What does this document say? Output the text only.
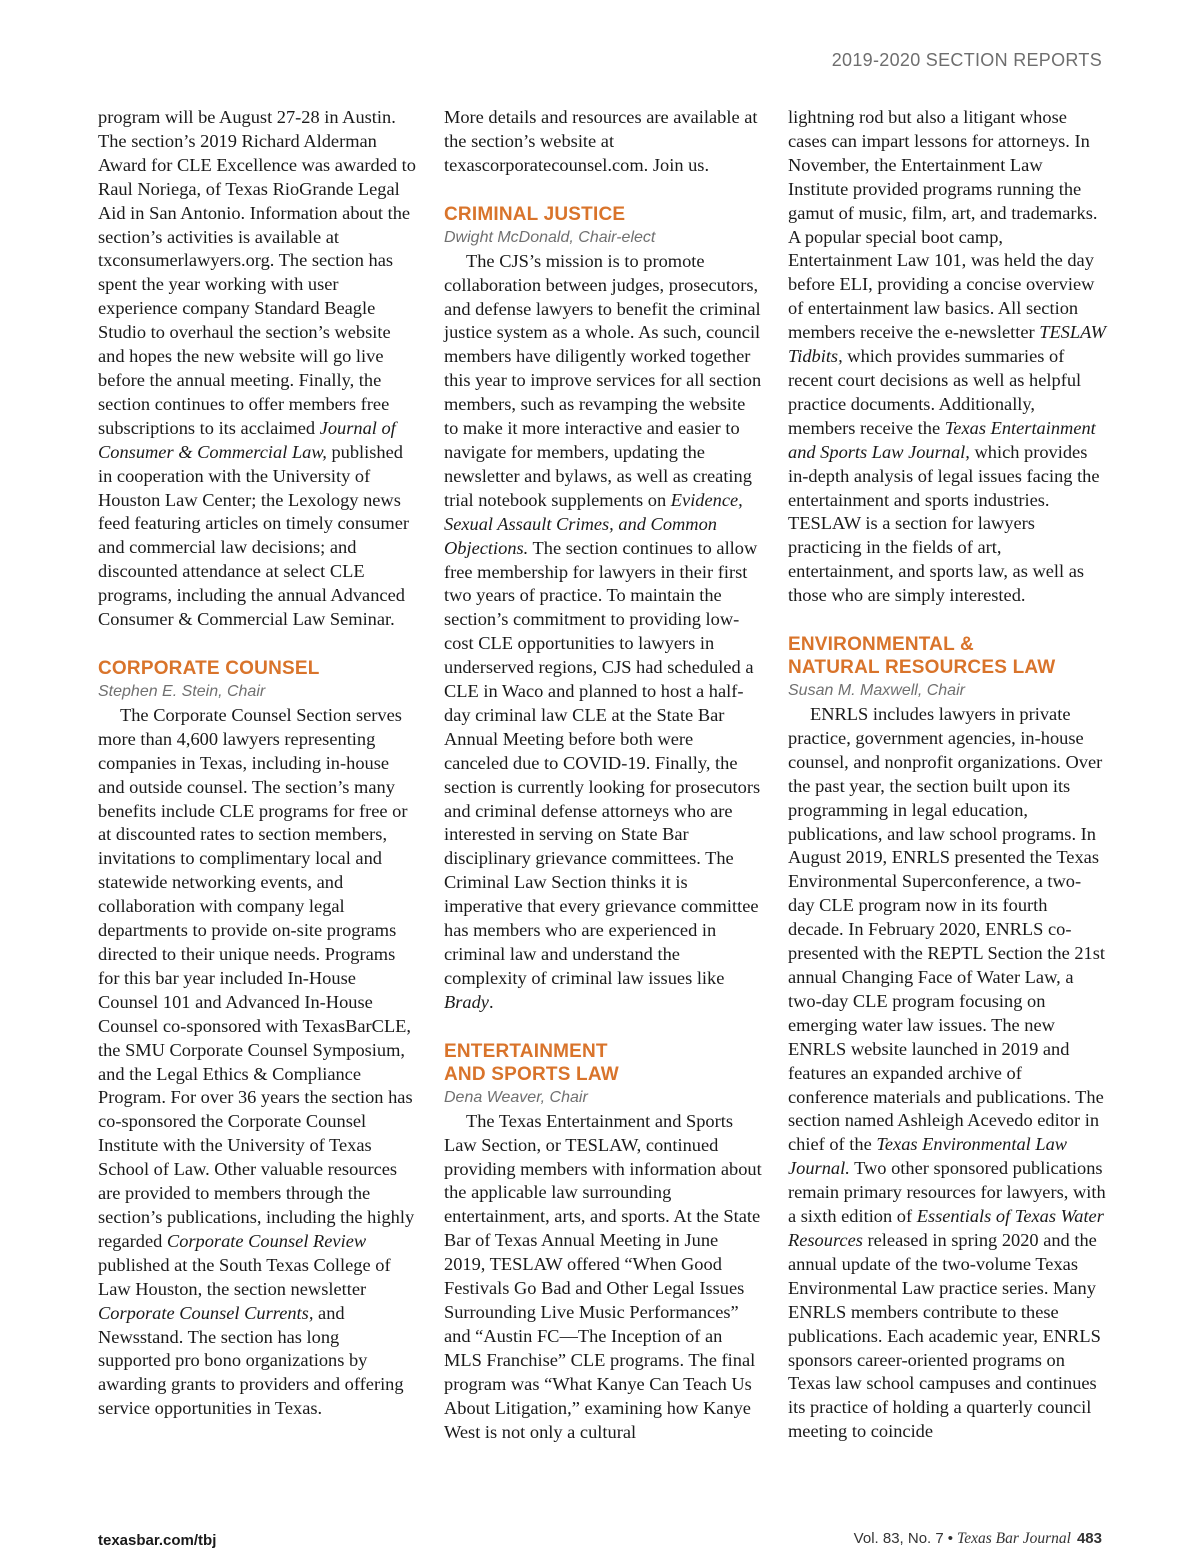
2019-2020 SECTION REPORTS

program will be August 27-28 in Austin. The section’s 2019 Richard Alderman Award for CLE Excellence was awarded to Raul Noriega, of Texas RioGrande Legal Aid in San Antonio. Information about the section’s activities is available at txconsumerlawyers.org. The section has spent the year working with user experience company Standard Beagle Studio to overhaul the section’s website and hopes the new website will go live before the annual meeting. Finally, the section continues to offer members free subscriptions to its acclaimed Journal of Consumer & Commercial Law, published in cooperation with the University of Houston Law Center; the Lexology news feed featuring articles on timely consumer and commercial law decisions; and discounted attendance at select CLE programs, including the annual Advanced Consumer & Commercial Law Seminar.

CORPORATE COUNSEL
Stephen E. Stein, Chair

The Corporate Counsel Section serves more than 4,600 lawyers representing companies in Texas, including in-house and outside counsel. The section’s many benefits include CLE programs for free or at discounted rates to section members, invitations to complimentary local and statewide networking events, and collaboration with company legal departments to provide on-site programs directed to their unique needs. Programs for this bar year included In-House Counsel 101 and Advanced In-House Counsel co-sponsored with TexasBarCLE, the SMU Corporate Counsel Symposium, and the Legal Ethics & Compliance Program. For over 36 years the section has co-sponsored the Corporate Counsel Institute with the University of Texas School of Law. Other valuable resources are provided to members through the section’s publications, including the highly regarded Corporate Counsel Review published at the South Texas College of Law Houston, the section newsletter Corporate Counsel Currents, and Newsstand. The section has long supported pro bono organizations by awarding grants to providers and offering service opportunities in Texas.

More details and resources are available at the section’s website at texascorporatecounsel.com. Join us.

CRIMINAL JUSTICE
Dwight McDonald, Chair-elect

The CJS’s mission is to promote collaboration between judges, prosecutors, and defense lawyers to benefit the criminal justice system as a whole. As such, council members have diligently worked together this year to improve services for all section members, such as revamping the website to make it more interactive and easier to navigate for members, updating the newsletter and bylaws, as well as creating trial notebook supplements on Evidence, Sexual Assault Crimes, and Common Objections. The section continues to allow free membership for lawyers in their first two years of practice. To maintain the section’s commitment to providing low-cost CLE opportunities to lawyers in underserved regions, CJS had scheduled a CLE in Waco and planned to host a half-day criminal law CLE at the State Bar Annual Meeting before both were canceled due to COVID-19. Finally, the section is currently looking for prosecutors and criminal defense attorneys who are interested in serving on State Bar disciplinary grievance committees. The Criminal Law Section thinks it is imperative that every grievance committee has members who are experienced in criminal law and understand the complexity of criminal law issues like Brady.

ENTERTAINMENT
AND SPORTS LAW
Dena Weaver, Chair

The Texas Entertainment and Sports Law Section, or TESLAW, continued providing members with information about the applicable law surrounding entertainment, arts, and sports. At the State Bar of Texas Annual Meeting in June 2019, TESLAW offered “When Good Festivals Go Bad and Other Legal Issues Surrounding Live Music Performances” and “Austin FC—The Inception of an MLS Franchise” CLE programs. The final program was “What Kanye Can Teach Us About Litigation,” examining how Kanye West is not only a cultural

lightning rod but also a litigant whose cases can impart lessons for attorneys. In November, the Entertainment Law Institute provided programs running the gamut of music, film, art, and trademarks. A popular special boot camp, Entertainment Law 101, was held the day before ELI, providing a concise overview of entertainment law basics. All section members receive the e-newsletter TESLAW Tidbits, which provides summaries of recent court decisions as well as helpful practice documents. Additionally, members receive the Texas Entertainment and Sports Law Journal, which provides in-depth analysis of legal issues facing the entertainment and sports industries. TESLAW is a section for lawyers practicing in the fields of art, entertainment, and sports law, as well as those who are simply interested.

ENVIRONMENTAL &
NATURAL RESOURCES LAW
Susan M. Maxwell, Chair

ENRLS includes lawyers in private practice, government agencies, in-house counsel, and nonprofit organizations. Over the past year, the section built upon its programming in legal education, publications, and law school programs. In August 2019, ENRLS presented the Texas Environmental Superconference, a two-day CLE program now in its fourth decade. In February 2020, ENRLS co-presented with the REPTL Section the 21st annual Changing Face of Water Law, a two-day CLE program focusing on emerging water law issues. The new ENRLS website launched in 2019 and features an expanded archive of conference materials and publications. The section named Ashleigh Acevedo editor in chief of the Texas Environmental Law Journal. Two other sponsored publications remain primary resources for lawyers, with a sixth edition of Essentials of Texas Water Resources released in spring 2020 and the annual update of the two-volume Texas Environmental Law practice series. Many ENRLS members contribute to these publications. Each academic year, ENRLS sponsors career-oriented programs on Texas law school campuses and continues its practice of holding a quarterly council meeting to coincide

texasbar.com/tbj	Vol. 83, No. 7 • Texas Bar Journal 483
